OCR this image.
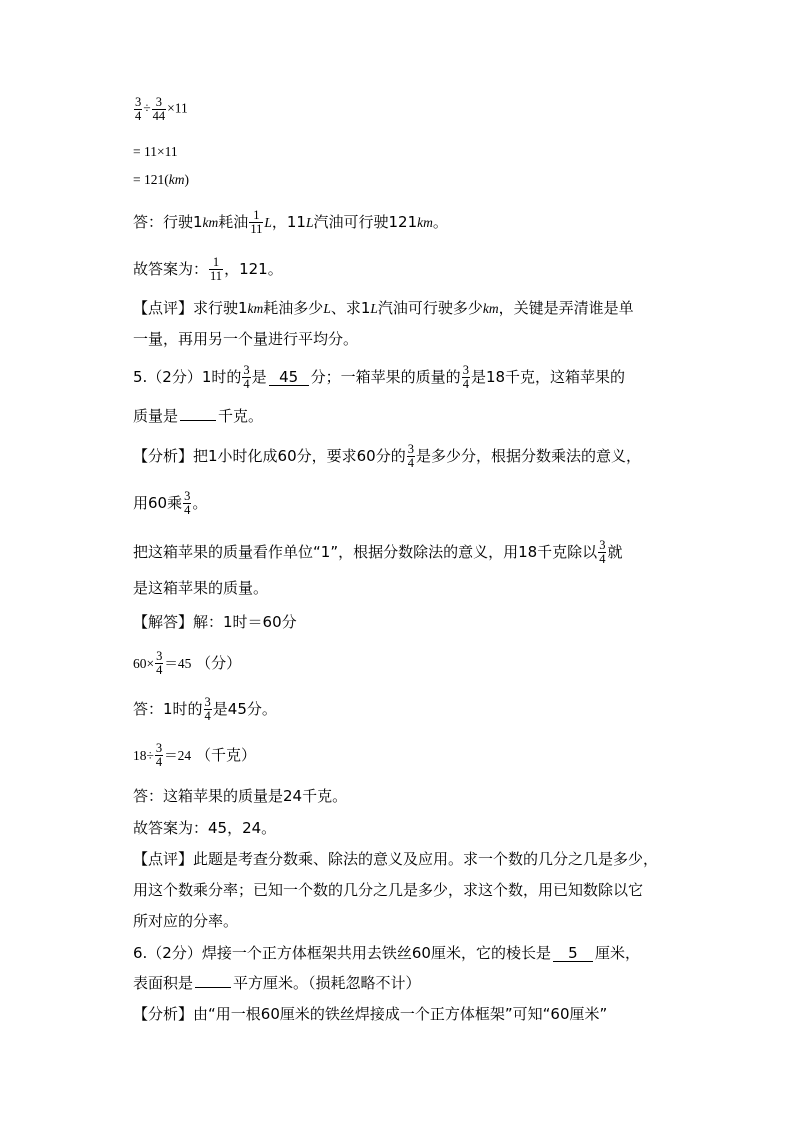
$\frac{3}{4} \div \frac{3}{44} \times 11$
= 11×11
= 121(km)
答：行驶1km耗油 $\frac{1}{11}$ L，11L汽油可行驶121km。
故答案为： $\frac{1}{11}$ ，121。
【点评】求行驶1km耗油多少L、求1L汽油可行驶多少km，关键是弄清谁是单
一量，再用另一个量进行平均分。
5.（2分）1时的 $\frac{3}{4}$ 是 45 分；一箱苹果的质量的 $\frac{3}{4}$ 是18千克，这箱苹果的
质量是	千克。
【分析】把1小时化成60分，要求60分的 $\frac{3}{4}$ 是多少分，根据分数乘法的意义，
用60乘 $\frac{3}{4}$ 。
把这箱苹果的质量看作单位“1”，根据分数除法的意义，用18千克除以 $\frac{3}{4}$ 就
是这箱苹果的质量。
【解答】解：1时＝60分
$60\times \frac{3}{4} =45$ （分）
答：1时的 $\frac{3}{4}$ 是45分。
$18\div \frac{3}{4} =24$ （千克）
答：这箱苹果的质量是24千克。
故答案为：45，24。
【点评】此题是考查分数乘、除法的意义及应用。求一个数的几分之几是多少，
用这个数乘分率；已知一个数的几分之几是多少，求这个数，用已知数除以它
所对应的分率。
6.（2分）焊接一个正方体框架共用去铁丝60厘米，它的棱长是 5 厘米，
表面积是	平方厘米。（损耗忽略不计）
【分析】由“用一根60厘米的铁丝焊接成一个正方体框架”可知“60厘米”
